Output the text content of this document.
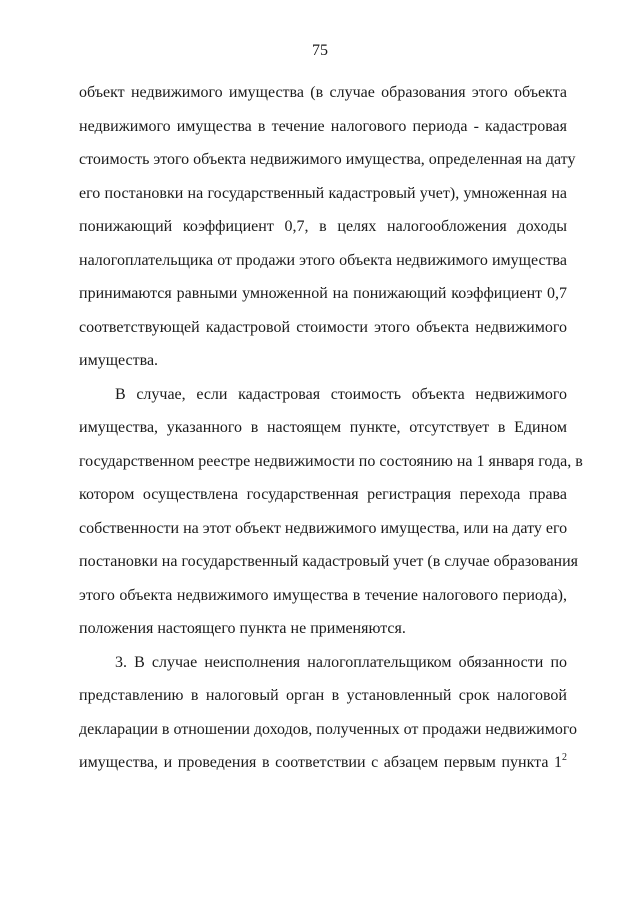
75
объект недвижимого имущества (в случае образования этого объекта
недвижимого имущества в течение налогового периода - кадастровая
стоимость этого объекта недвижимого имущества, определенная на дату
его постановки на государственный кадастровый учет), умноженная на
понижающий коэффициент 0,7, в целях налогообложения доходы
налогоплательщика от продажи этого объекта недвижимого имущества
принимаются равными умноженной на понижающий коэффициент 0,7
соответствующей кадастровой стоимости этого объекта недвижимого
имущества.
В случае, если кадастровая стоимость объекта недвижимого
имущества, указанного в настоящем пункте, отсутствует в Едином
государственном реестре недвижимости по состоянию на 1 января года, в
котором осуществлена государственная регистрация перехода права
собственности на этот объект недвижимого имущества, или на дату его
постановки на государственный кадастровый учет (в случае образования
этого объекта недвижимого имущества в течение налогового периода),
положения настоящего пункта не применяются.
3. В случае неисполнения налогоплательщиком обязанности по
представлению в налоговый орган в установленный срок налоговой
декларации в отношении доходов, полученных от продажи недвижимого
имущества, и проведения в соответствии с абзацем первым пункта $1^2$
